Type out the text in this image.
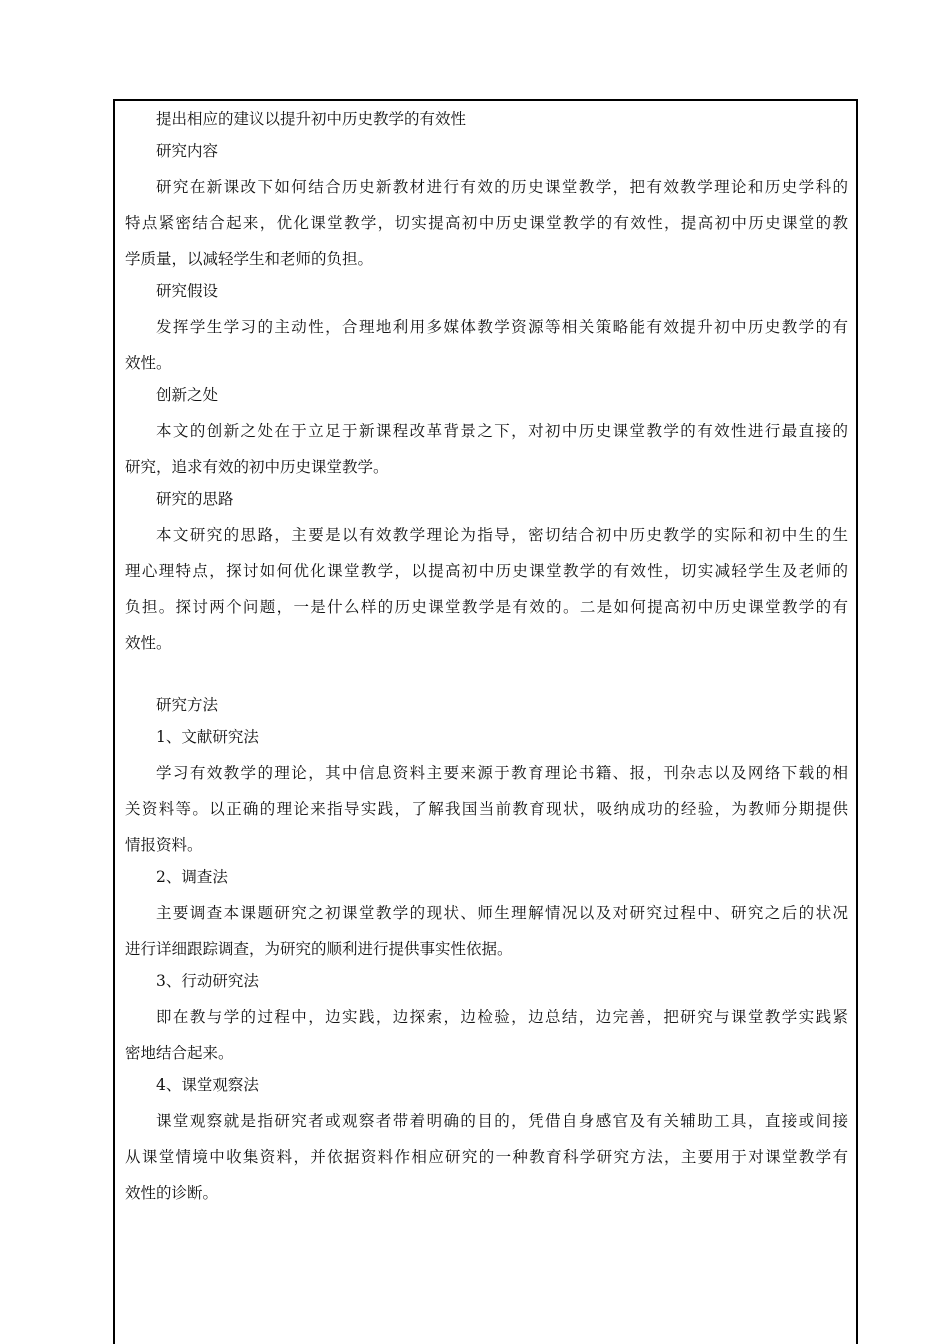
提出相应的建议以提升初中历史教学的有效性
研究内容
研究在新课改下如何结合历史新教材进行有效的历史课堂教学，把有效教学理论和历史学科的
特点紧密结合起来，优化课堂教学，切实提高初中历史课堂教学的有效性，提高初中历史课堂的教
学质量，以减轻学生和老师的负担。
研究假设
发挥学生学习的主动性，合理地利用多媒体教学资源等相关策略能有效提升初中历史教学的有
效性。
创新之处
本文的创新之处在于立足于新课程改革背景之下，对初中历史课堂教学的有效性进行最直接的
研究，追求有效的初中历史课堂教学。
研究的思路
本文研究的思路，主要是以有效教学理论为指导，密切结合初中历史教学的实际和初中生的生
理心理特点，探讨如何优化课堂教学，以提高初中历史课堂教学的有效性，切实减轻学生及老师的
负担。探讨两个问题，一是什么样的历史课堂教学是有效的。二是如何提高初中历史课堂教学的有
效性。
研究方法
1、文献研究法
学习有效教学的理论，其中信息资料主要来源于教育理论书籍、报，刊杂志以及网络下载的相
关资料等。以正确的理论来指导实践，了解我国当前教育现状，吸纳成功的经验，为教师分期提供
情报资料。
2、调查法
主要调查本课题研究之初课堂教学的现状、师生理解情况以及对研究过程中、研究之后的状况
进行详细跟踪调查，为研究的顺利进行提供事实性依据。
3、行动研究法
即在教与学的过程中，边实践，边探索，边检验，边总结，边完善，把研究与课堂教学实践紧
密地结合起来。
4、课堂观察法
课堂观察就是指研究者或观察者带着明确的目的，凭借自身感官及有关辅助工具，直接或间接
从课堂情境中收集资料，并依据资料作相应研究的一种教育科学研究方法，主要用于对课堂教学有
效性的诊断。
